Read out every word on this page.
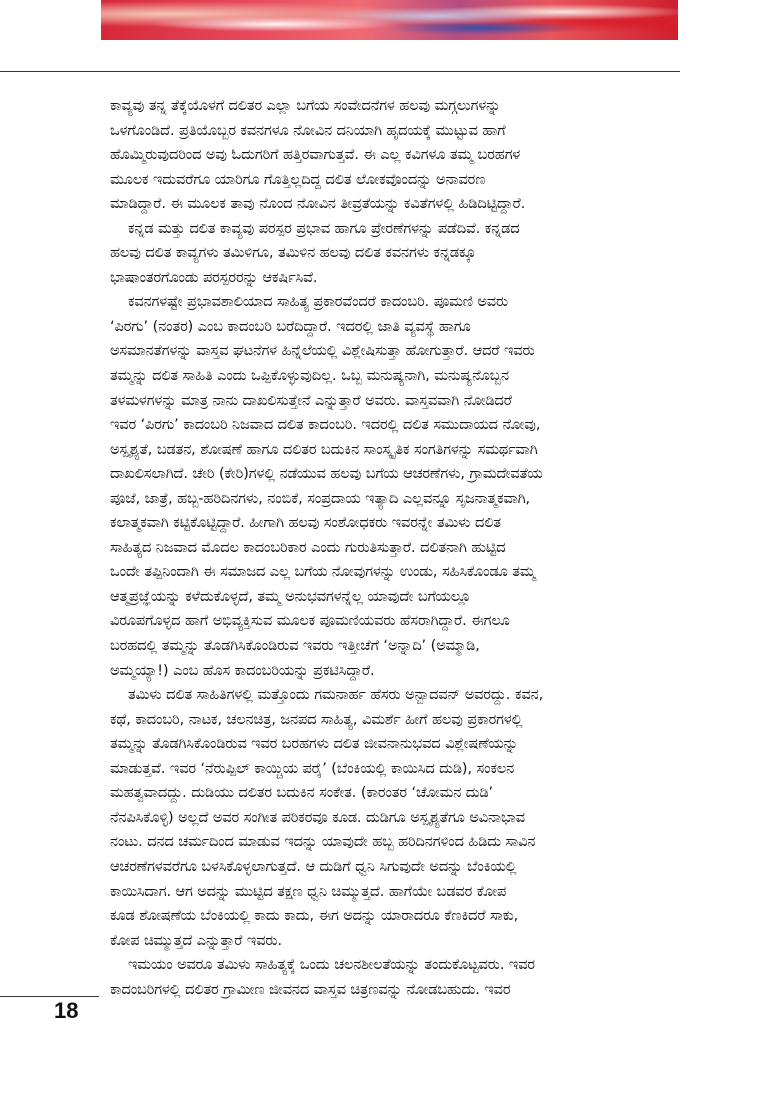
ಕಾವ್ಯವು ತನ್ನ ತೆಕ್ಕೆಯೊಳಗೆ ದಲಿತರ ಎಲ್ಲಾ ಬಗೆಯ ಸಂವೇದನೆಗಳ ಹಲವು ಮಗ್ಗಲುಗಳನ್ನು
ಒಳಗೊಂಡಿದೆ. ಪ್ರತಿಯೊಬ್ಬರ ಕವನಗಳೂ ನೋವಿನ ದನಿಯಾಗಿ ಹೃದಯಕ್ಕೆ ಮುಟ್ಟುವ ಹಾಗೆ
ಹೊಮ್ಮಿರುವುದರಿಂದ ಅವು ಓದುಗರಿಗೆ ಹತ್ತಿರವಾಗುತ್ತವೆ. ಈ ಎಲ್ಲ ಕವಿಗಳೂ ತಮ್ಮ ಬರಹಗಳ
ಮೂಲಕ ಇದುವರೆಗೂ ಯಾರಿಗೂ ಗೊತ್ತಿಲ್ಲದಿದ್ದ ದಲಿತ ಲೋಕವೊಂದನ್ನು ಅನಾವರಣ
ಮಾಡಿದ್ದಾರೆ. ಈ ಮೂಲಕ ತಾವು ನೊಂದ ನೋವಿನ ತೀವ್ರತೆಯನ್ನು ಕವಿತೆಗಳಲ್ಲಿ ಹಿಡಿದಿಟ್ಟಿದ್ದಾರೆ.

ಕನ್ನಡ ಮತ್ತು ದಲಿತ ಕಾವ್ಯವು ಪರಸ್ಪರ ಪ್ರಭಾವ ಹಾಗೂ ಪ್ರೇರಣೆಗಳನ್ನು ಪಡೆದಿವೆ. ಕನ್ನಡದ
ಹಲವು ದಲಿತ ಕಾವ್ಯಗಳು ತಮಿಳಿಗೂ, ತಮಿಳಿನ ಹಲವು ದಲಿತ ಕವನಗಳು ಕನ್ನಡಕ್ಕೂ
ಭಾಷಾಂತರಗೊಂಡು ಪರಸ್ಪರರನ್ನು ಆಕರ್ಷಿಸಿವೆ.

ಕವನಗಳಷ್ಟೇ ಪ್ರಭಾವಶಾಲಿಯಾದ ಸಾಹಿತ್ಯ ಪ್ರಕಾರವೆಂದರೆ ಕಾದಂಬರಿ. ಪೂಮಣಿ ಅವರು
‘ಪಿರಗು’ (ನಂತರ) ಎಂಬ ಕಾದಂಬರಿ ಬರೆದಿದ್ದಾರೆ. ಇದರಲ್ಲಿ ಜಾತಿ ವ್ಯವಸ್ಥೆ ಹಾಗೂ
ಅಸಮಾನತೆಗಳನ್ನು ವಾಸ್ತವ ಘಟನೆಗಳ ಹಿನ್ನೆಲೆಯಲ್ಲಿ ವಿಶ್ಲೇಷಿಸುತ್ತಾ ಹೋಗುತ್ತಾರೆ. ಆದರೆ ಇವರು
ತಮ್ಮನ್ನು ದಲಿತ ಸಾಹಿತಿ ಎಂದು ಒಪ್ಪಿಕೊಳ್ಳುವುದಿಲ್ಲ. ಒಬ್ಬ ಮನುಷ್ಯನಾಗಿ, ಮನುಷ್ಯನೊಬ್ಬನ
ತಳಮಳಗಳನ್ನು ಮಾತ್ರ ನಾನು ದಾಖಲಿಸುತ್ತೇನೆ ಎನ್ನುತ್ತಾರೆ ಅವರು. ವಾಸ್ತವವಾಗಿ ನೋಡಿದರೆ
ಇವರ ‘ಪಿರಗು’ ಕಾದಂಬರಿ ನಿಜವಾದ ದಲಿತ ಕಾದಂಬರಿ. ಇದರಲ್ಲಿ ದಲಿತ ಸಮುದಾಯದ ನೋವು,
ಅಸ್ಪೃಶ್ಯತೆ, ಬಡತನ, ಶೋಷಣೆ ಹಾಗೂ ದಲಿತರ ಬದುಕಿನ ಸಾಂಸ್ಕೃತಿಕ ಸಂಗತಿಗಳನ್ನು ಸಮರ್ಥವಾಗಿ
ದಾಖಲಿಸಲಾಗಿದೆ. ಚೇರಿ (ಕೇರಿ)ಗಳಲ್ಲಿ ನಡೆಯುವ ಹಲವು ಬಗೆಯ ಆಚರಣೆಗಳು, ಗ್ರಾಮದೇವತೆಯ
ಪೂಜೆ, ಜಾತ್ರೆ, ಹಬ್ಬ-ಹರಿದಿನಗಳು, ನಂಬಿಕೆ, ಸಂಪ್ರದಾಯ ಇತ್ಯಾದಿ ಎಲ್ಲವನ್ನೂ ಸೃಜನಾತ್ಮಕವಾಗಿ,
ಕಲಾತ್ಮಕವಾಗಿ ಕಟ್ಟಿಕೊಟ್ಟಿದ್ದಾರೆ. ಹೀಗಾಗಿ ಹಲವು ಸಂಶೋಧಕರು ಇವರನ್ನೇ ತಮಿಳು ದಲಿತ
ಸಾಹಿತ್ಯದ ನಿಜವಾದ ಮೊದಲ ಕಾದಂಬರಿಕಾರ ಎಂದು ಗುರುತಿಸುತ್ತಾರೆ. ದಲಿತನಾಗಿ ಹುಟ್ಟಿದ
ಒಂದೇ ತಪ್ಪಿನಿಂದಾಗಿ ಈ ಸಮಾಜದ ಎಲ್ಲ ಬಗೆಯ ನೋವುಗಳನ್ನು ಉಂಡು, ಸಹಿಸಿಕೊಂಡೂ ತಮ್ಮ
ಆತ್ಮಪ್ರಜ್ಞೆಯನ್ನು ಕಳೆದುಕೊಳ್ಳದೆ, ತಮ್ಮ ಅನುಭವಗಳನ್ನೆಲ್ಲ ಯಾವುದೇ ಬಗೆಯಲ್ಲೂ
ವಿರೂಪಗೊಳ್ಳದ ಹಾಗೆ ಅಭಿವ್ಯಕ್ತಿಸುವ ಮೂಲಕ ಪೂಮಣಿಯವರು ಹೆಸರಾಗಿದ್ದಾರೆ. ಈಗಲೂ
ಬರಹದಲ್ಲಿ ತಮ್ಮನ್ನು ತೊಡಗಿಸಿಕೊಂಡಿರುವ ಇವರು ಇತ್ತೀಚೆಗೆ ‘ಅನ್ನಾದಿ’ (ಅಮ್ಮಾಡಿ,
ಅಮ್ಮಯ್ಯಾ!) ಎಂಬ ಹೊಸ ಕಾದಂಬರಿಯನ್ನು ಪ್ರಕಟಿಸಿದ್ದಾರೆ.

ತಮಿಳು ದಲಿತ ಸಾಹಿತಿಗಳಲ್ಲಿ ಮತ್ತೊಂದು ಗಮನಾರ್ಹ ಹೆಸರು ಅನ್ಬಾದವನ್ ಅವರದ್ದು. ಕವನ,
ಕಥೆ, ಕಾದಂಬರಿ, ನಾಟಕ, ಚಲನಚಿತ್ರ, ಜನಪದ ಸಾಹಿತ್ಯ, ವಿಮರ್ಶೆ ಹೀಗೆ ಹಲವು ಪ್ರಕಾರಗಳಲ್ಲಿ
ತಮ್ಮನ್ನು ತೊಡಗಿಸಿಕೊಂಡಿರುವ ಇವರ ಬರಹಗಳು ದಲಿತ ಜೀವನಾನುಭವದ ವಿಶ್ಲೇಷಣೆಯನ್ನು
ಮಾಡುತ್ತವೆ. ಇವರ ‘ನೆರುಪ್ಪಿಲ್ ಕಾಯ್ಚಿಯ ಪರೈ’ (ಬೆಂಕಿಯಲ್ಲಿ ಕಾಯಿಸಿದ ದುಡಿ), ಸಂಕಲನ
ಮಹತ್ವವಾದದ್ದು. ದುಡಿಯು ದಲಿತರ ಬದುಕಿನ ಸಂಕೇತ. (ಕಾರಂತರ ‘ಚೋಮನ ದುಡಿ’
ನೆನಪಿಸಿಕೊಳ್ಳಿ) ಅಲ್ಲದೆ ಅವರ ಸಂಗೀತ ಪರಿಕರವೂ ಕೂಡ. ದುಡಿಗೂ ಅಸ್ಪೃಶ್ಯತೆಗೂ ಅವಿನಾಭಾವ
ನಂಟು. ದನದ ಚರ್ಮದಿಂದ ಮಾಡುವ ಇದನ್ನು ಯಾವುದೇ ಹಬ್ಬ ಹರಿದಿನಗಳಿಂದ ಹಿಡಿದು ಸಾವಿನ
ಆಚರಣೆಗಳವರೆಗೂ ಬಳಸಿಕೊಳ್ಳಲಾಗುತ್ತದೆ. ಆ ದುಡಿಗೆ ಧ್ವನಿ ಸಿಗುವುದೇ ಅದನ್ನು ಬೆಂಕಿಯಲ್ಲಿ
ಕಾಯಿಸಿದಾಗ. ಆಗ ಅದನ್ನು ಮುಟ್ಟಿದ ತಕ್ಷಣ ಧ್ವನಿ ಚಿಮ್ಮುತ್ತದೆ. ಹಾಗೆಯೇ ಬಡವರ ಕೋಪ
ಕೂಡ ಶೋಷಣೆಯ ಬೆಂಕಿಯಲ್ಲಿ ಕಾದು ಕಾದು, ಈಗ ಅದನ್ನು ಯಾರಾದರೂ ಕೆಣಕಿದರೆ ಸಾಕು,
ಕೋಪ ಚಿಮ್ಮುತ್ತದೆ ಎನ್ನುತ್ತಾರೆ ಇವರು.

ಇಮಯಂ ಅವರೂ ತಮಿಳು ಸಾಹಿತ್ಯಕ್ಕೆ ಒಂದು ಚಲನಶೀಲತೆಯನ್ನು ತಂದುಕೊಟ್ಟವರು. ಇವರ
ಕಾದಂಬರಿಗಳಲ್ಲಿ ದಲಿತರ ಗ್ರಾಮೀಣ ಜೀವನದ ವಾಸ್ತವ ಚಿತ್ರಣವನ್ನು ನೋಡಬಹುದು. ಇವರ

18
